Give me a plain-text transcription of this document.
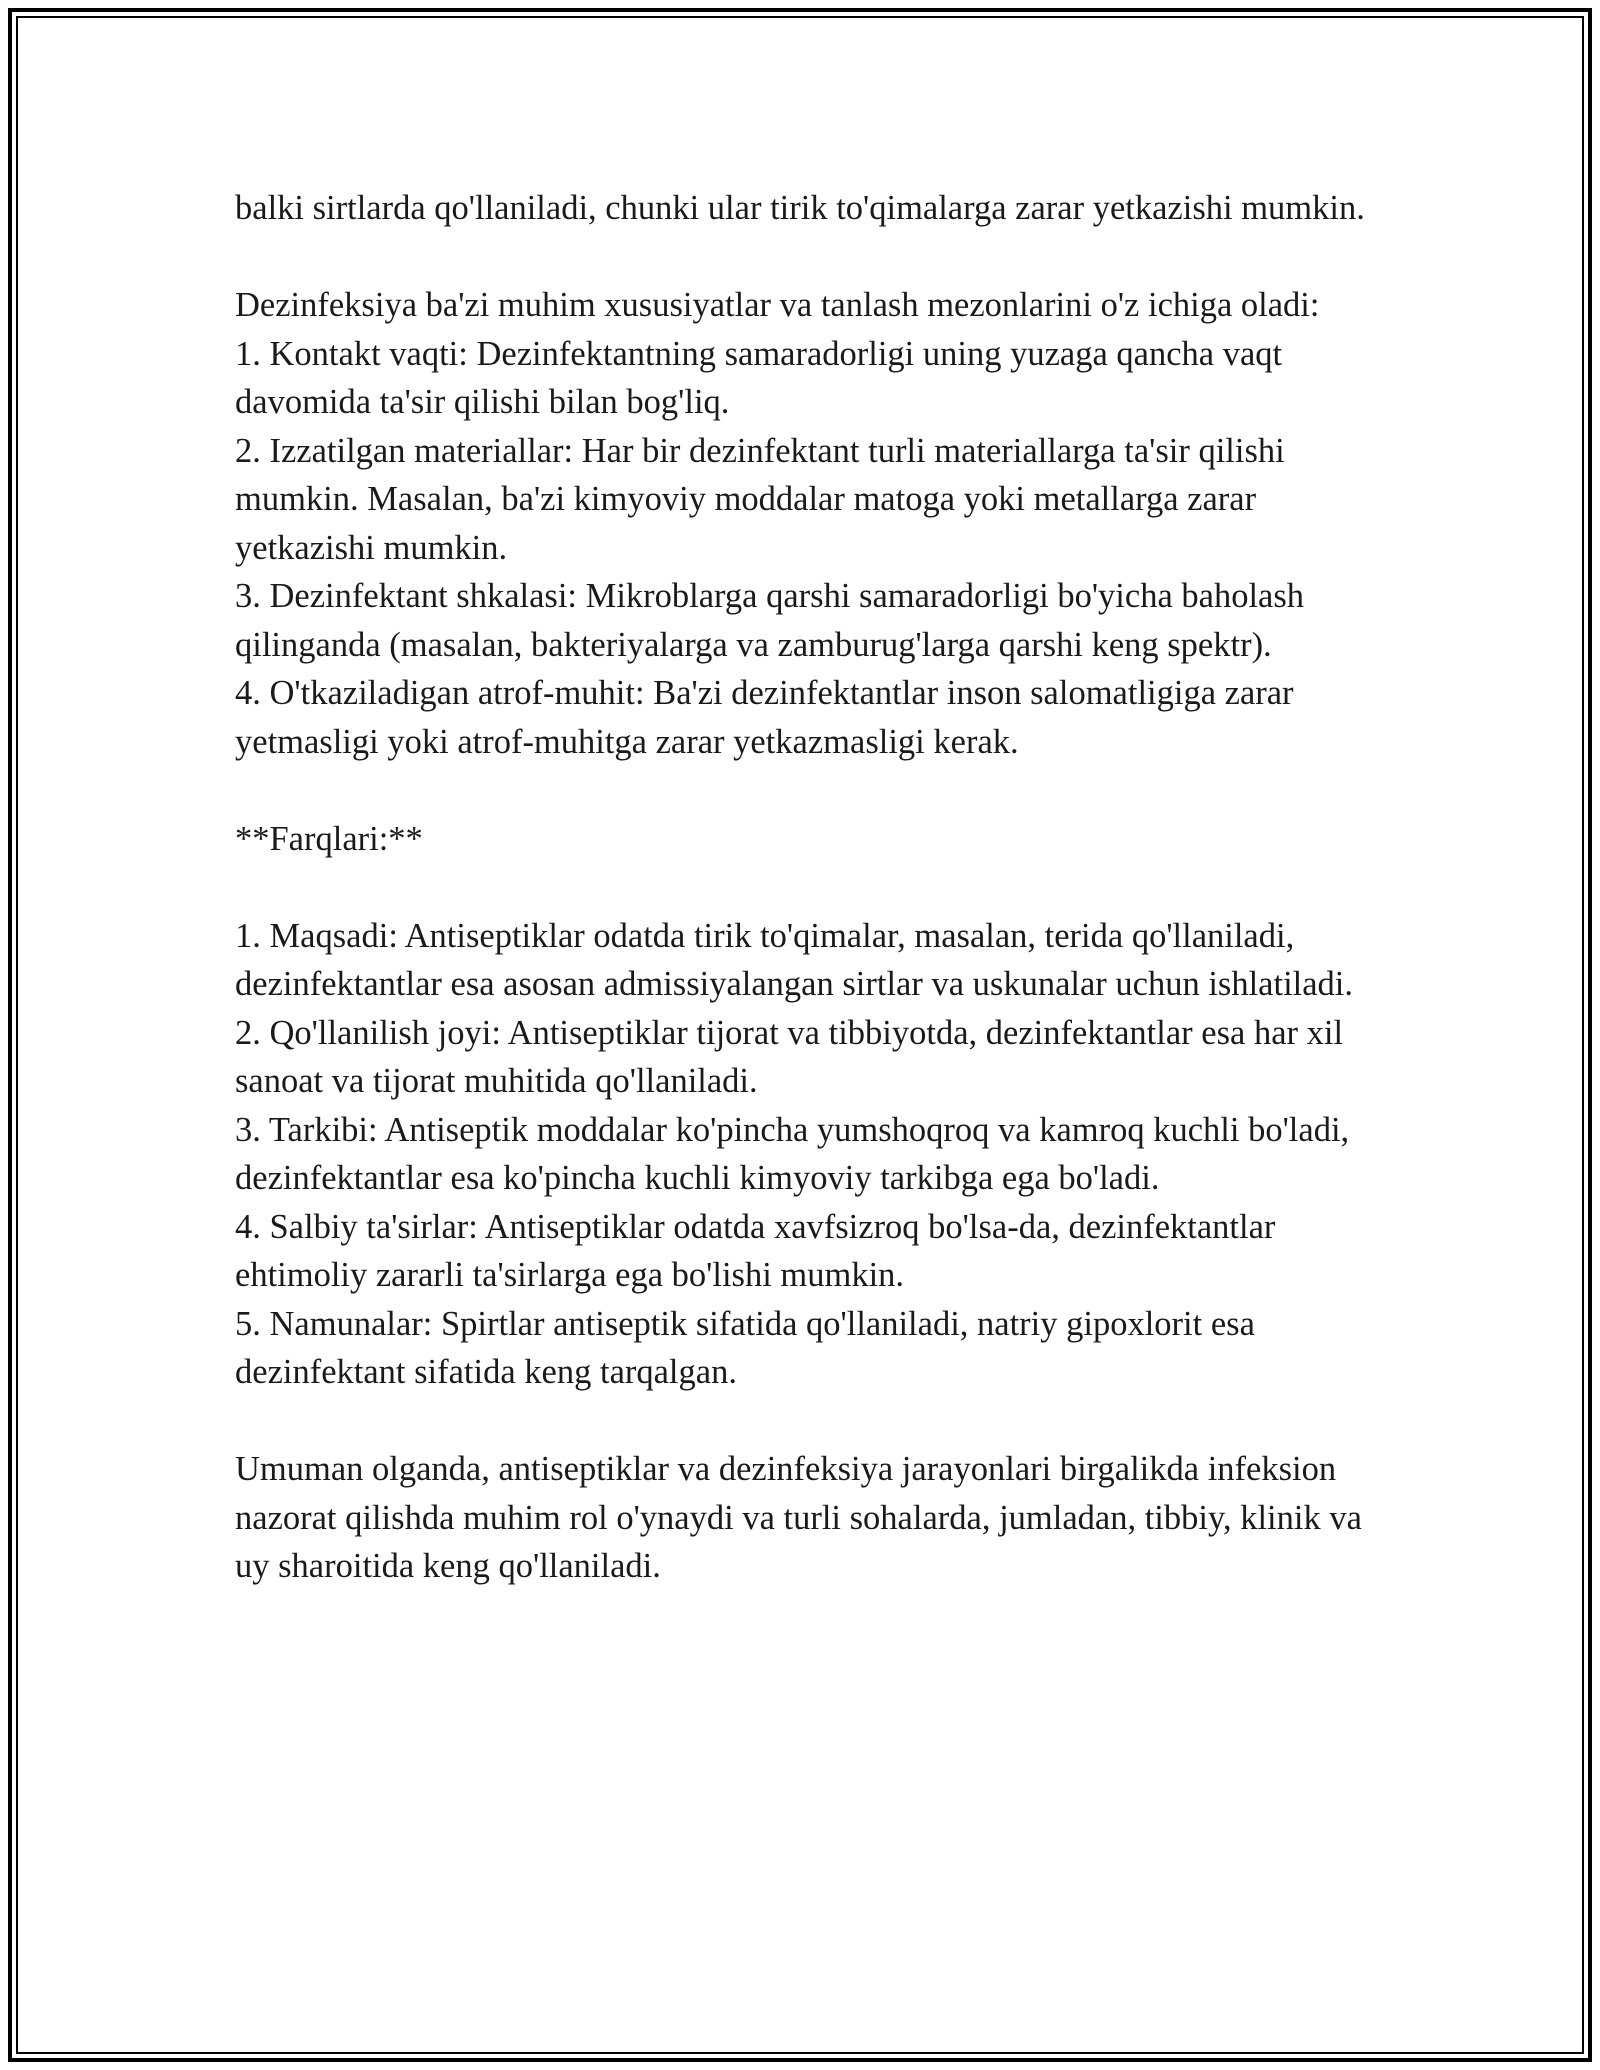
balki sirtlarda qo'llaniladi, chunki ular tirik to'qimalarga zarar yetkazishi mumkin.

Dezinfeksiya ba'zi muhim xususiyatlar va tanlash mezonlarini o'z ichiga oladi:

1. Kontakt vaqti: Dezinfektantning samaradorligi uning yuzaga qancha vaqt davomida ta'sir qilishi bilan bog'liq.

2. Izzatilgan materiallar: Har bir dezinfektant turli materiallarga ta'sir qilishi mumkin. Masalan, ba'zi kimyoviy moddalar matoga yoki metallarga zarar yetkazishi mumkin.

3. Dezinfektant shkalasi: Mikroblarga qarshi samaradorligi bo'yicha baholash qilinganda (masalan, bakteriyalarga va zamburug'larga qarshi keng spektr).

4. O'tkaziladigan atrof-muhit: Ba'zi dezinfektantlar inson salomatligiga zarar yetmasligi yoki atrof-muhitga zarar yetkazmasligi kerak.

**Farqlari:**

1. Maqsadi: Antiseptiklar odatda tirik to'qimalar, masalan, terida qo'llaniladi, dezinfektantlar esa asosan admissiyalangan sirtlar va uskunalar uchun ishlatiladi.

2. Qo'llanilish joyi: Antiseptiklar tijorat va tibbiyotda, dezinfektantlar esa har xil sanoat va tijorat muhitida qo'llaniladi.

3. Tarkibi: Antiseptik moddalar ko'pincha yumshoqroq va kamroq kuchli bo'ladi, dezinfektantlar esa ko'pincha kuchli kimyoviy tarkibga ega bo'ladi.

4. Salbiy ta'sirlar: Antiseptiklar odatda xavfsizroq bo'lsa-da, dezinfektantlar ehtimoliy zararli ta'sirlarga ega bo'lishi mumkin.

5. Namunalar: Spirtlar antiseptik sifatida qo'llaniladi, natriy gipoxlorit esa dezinfektant sifatida keng tarqalgan.

Umuman olganda, antiseptiklar va dezinfeksiya jarayonlari birgalikda infeksion nazorat qilishda muhim rol o'ynaydi va turli sohalarda, jumladan, tibbiy, klinik va uy sharoitida keng qo'llaniladi.
